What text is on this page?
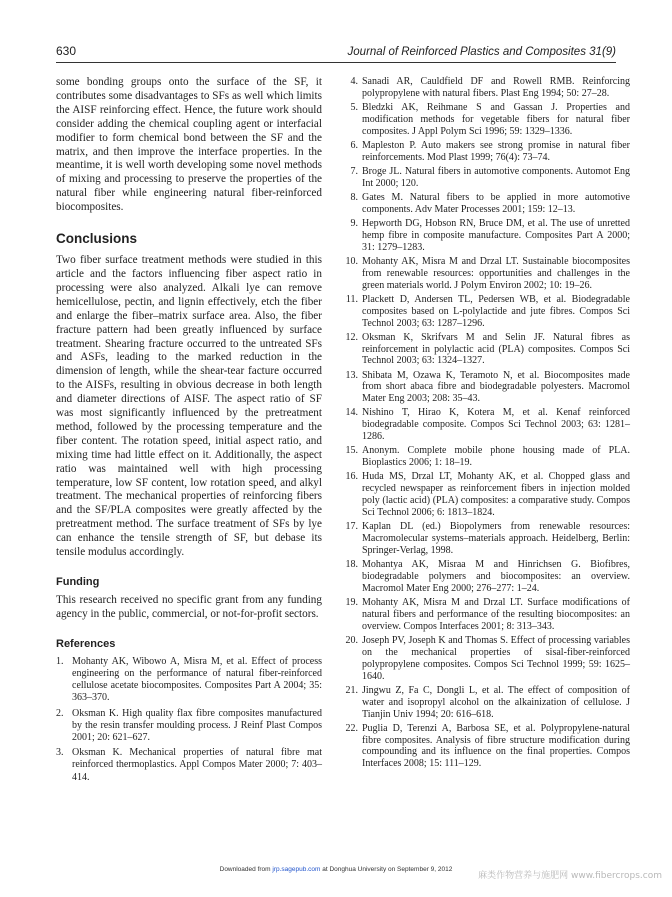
630	Journal of Reinforced Plastics and Composites 31(9)

some bonding groups onto the surface of the SF, it contributes some disadvantages to SFs as well which limits the AISF reinforcing effect. Hence, the future work should consider adding the chemical coupling agent or interfacial modifier to form chemical bond between the SF and the matrix, and then improve the interface properties. In the meantime, it is well worth developing some novel methods of mixing and processing to preserve the properties of the natural fiber while engineering natural fiber-reinforced biocomposites.

Conclusions

Two fiber surface treatment methods were studied in this article and the factors influencing fiber aspect ratio in processing were also analyzed. Alkali lye can remove hemicellulose, pectin, and lignin effectively, etch the fiber and enlarge the fiber–matrix surface area. Also, the fiber fracture pattern had been greatly influenced by surface treatment. Shearing fracture occurred to the untreated SFs and ASFs, leading to the marked reduction in the dimension of length, while the shear-tear facture occurred to the AISFs, resulting in obvious decrease in both length and diameter directions of AISF. The aspect ratio of SF was most significantly influenced by the pretreatment method, followed by the processing temperature and the fiber content. The rotation speed, initial aspect ratio, and mixing time had little effect on it. Additionally, the aspect ratio was maintained well with high processing temperature, low SF content, low rotation speed, and alkyl treatment. The mechanical properties of reinforcing fibers and the SF/PLA composites were greatly affected by the pretreatment method. The surface treatment of SFs by lye can enhance the tensile strength of SF, but debase its tensile modulus accordingly.

Funding

This research received no specific grant from any funding agency in the public, commercial, or not-for-profit sectors.

References
1. Mohanty AK, Wibowo A, Misra M, et al. Effect of process engineering on the performance of natural fiber-reinforced cellulose acetate biocomposites. Composites Part A 2004; 35: 363–370.
2. Oksman K. High quality flax fibre composites manufactured by the resin transfer moulding process. J Reinf Plast Compos 2001; 20: 621–627.
3. Oksman K. Mechanical properties of natural fibre mat reinforced thermoplastics. Appl Compos Mater 2000; 7: 403–414.
4. Sanadi AR, Cauldfield DF and Rowell RMB. Reinforcing polypropylene with natural fibers. Plast Eng 1994; 50: 27–28.
5. Bledzki AK, Reihmane S and Gassan J. Properties and modification methods for vegetable fibers for natural fiber composites. J Appl Polym Sci 1996; 59: 1329–1336.
6. Mapleston P. Auto makers see strong promise in natural fiber reinforcements. Mod Plast 1999; 76(4): 73–74.
7. Broge JL. Natural fibers in automotive components. Automot Eng Int 2000; 120.
8. Gates M. Natural fibers to be applied in more automotive components. Adv Mater Processes 2001; 159: 12–13.
9. Hepworth DG, Hobson RN, Bruce DM, et al. The use of unretted hemp fibre in composite manufacture. Composites Part A 2000; 31: 1279–1283.
10. Mohanty AK, Misra M and Drzal LT. Sustainable biocomposites from renewable resources: opportunities and challenges in the green materials world. J Polym Environ 2002; 10: 19–26.
11. Plackett D, Andersen TL, Pedersen WB, et al. Biodegradable composites based on L-polylactide and jute fibres. Compos Sci Technol 2003; 63: 1287–1296.
12. Oksman K, Skrifvars M and Selin JF. Natural fibres as reinforcement in polylactic acid (PLA) composites. Compos Sci Technol 2003; 63: 1324–1327.
13. Shibata M, Ozawa K, Teramoto N, et al. Biocomposites made from short abaca fibre and biodegradable polyesters. Macromol Mater Eng 2003; 208: 35–43.
14. Nishino T, Hirao K, Kotera M, et al. Kenaf reinforced biodegradable composite. Compos Sci Technol 2003; 63: 1281–1286.
15. Anonym. Complete mobile phone housing made of PLA. Bioplastics 2006; 1: 18–19.
16. Huda MS, Drzal LT, Mohanty AK, et al. Chopped glass and recycled newspaper as reinforcement fibers in injection molded poly (lactic acid) (PLA) composites: a comparative study. Compos Sci Technol 2006; 6: 1813–1824.
17. Kaplan DL (ed.) Biopolymers from renewable resources: Macromolecular systems–materials approach. Heidelberg, Berlin: Springer-Verlag, 1998.
18. Mohantya AK, Misraa M and Hinrichsen G. Biofibres, biodegradable polymers and biocomposites: an overview. Macromol Mater Eng 2000; 276–277: 1–24.
19. Mohanty AK, Misra M and Drzal LT. Surface modifications of natural fibers and performance of the resulting biocomposites: an overview. Compos Interfaces 2001; 8: 313–343.
20. Joseph PV, Joseph K and Thomas S. Effect of processing variables on the mechanical properties of sisal-fiber-reinforced polypropylene composites. Compos Sci Technol 1999; 59: 1625–1640.
21. Jingwu Z, Fa C, Dongli L, et al. The effect of composition of water and isopropyl alcohol on the alkainization of cellulose. J Tianjin Univ 1994; 20: 616–618.
22. Puglia D, Terenzi A, Barbosa SE, et al. Polypropylene-natural fibre composites. Analysis of fibre structure modification during compounding and its influence on the final properties. Compos Interfaces 2008; 15: 111–129.
Downloaded from jrp.sagepub.com at Donghua University on September 9, 2012
麻类作物营养与施肥网 www.fibercrops.com
